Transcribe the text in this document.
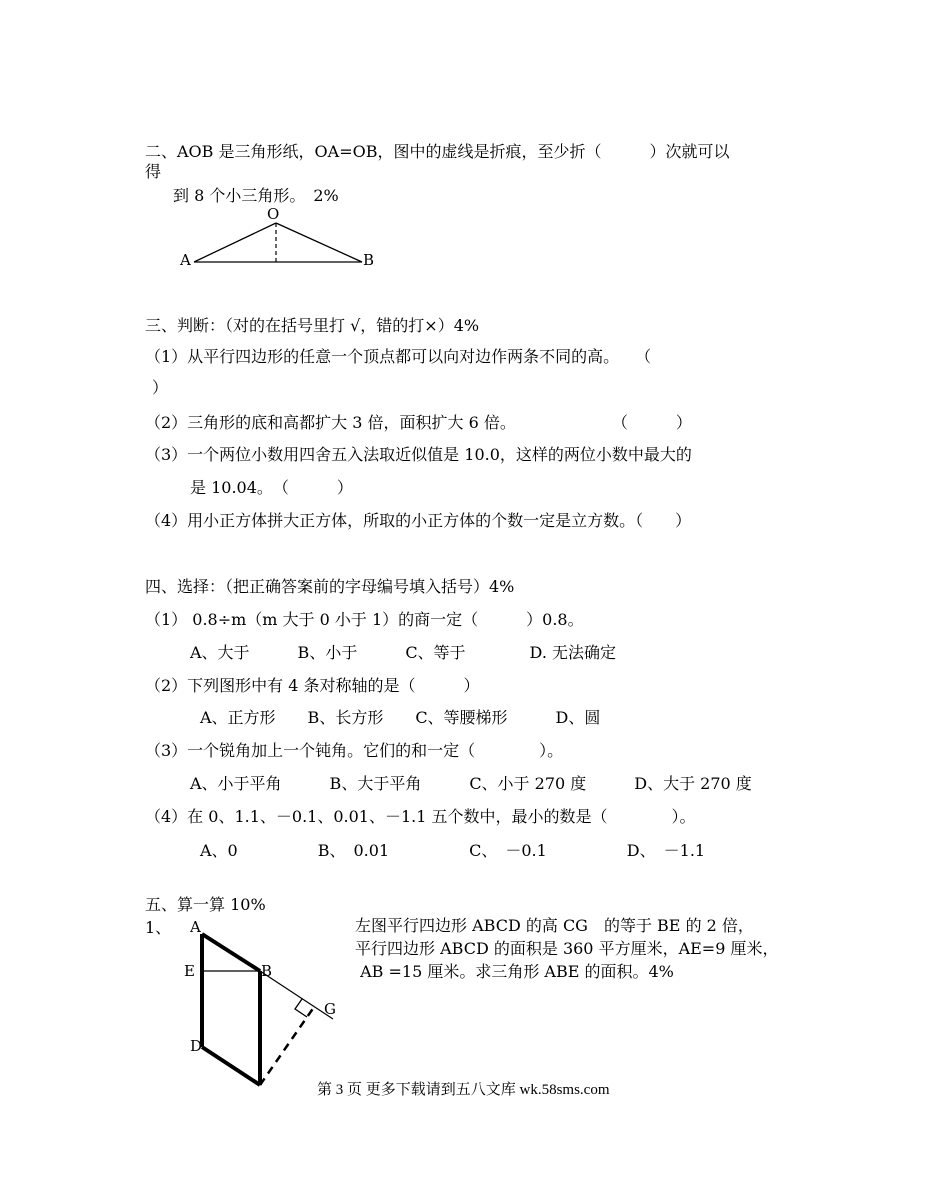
二、AOB 是三角形纸，OA=OB，图中的虚线是折痕，至少折（　　　）次就可以
得
到 8 个小三角形。　2%
O
A	B
三、判断：（对的在括号里打 √，错的打×）4%
（1）从平行四边形的任意一个顶点都可以向对边作两条不同的高。　　（
）
（2）三角形的底和高都扩大 3 倍，面积扩大 6 倍。　　　　　　　（　　　）
（3）一个两位小数用四舍五入法取近似值是 10.0，这样的两位小数中最大的
是 10.04。　（　　　）
（4）用小正方体拼大正方体，所取的小正方体的个数一定是立方数。（　　）
四、选择：（把正确答案前的字母编号填入括号）4%
（1） 0.8÷m（m 大于 0 小于 1）的商一定（　　　）0.8。
A、大于　　　B、小于　　　C、等于　　　　D. 无法确定
（2）下列图形中有 4 条对称轴的是（　　　）
A、正方形　　B、长方形　　C、等腰梯形　　　D、圆
（3）一个锐角加上一个钝角。它们的和一定（　　　　）。
A、小于平角　　　B、大于平角　　　C、小于 270 度　　　D、大于 270 度
（4）在 0、1.1、－0.1、0.01、－1.1 五个数中，最小的数是（　　　　）。
A、0　　　　　B、　0.01　　　　　C、　－0.1　　　　　D、　－1.1
五、算一算 10%
1、	左图平行四边形 ABCD 的高 CG　的等于 BE 的 2 倍，
平行四边形 ABCD 的面积是 360 平方厘米，AE=9 厘米，
AB =15 厘米。求三角形 ABE 的面积。4%
A
E	B
G
D
第 3 页 更多下载请到五八文库 wk.58sms.com
